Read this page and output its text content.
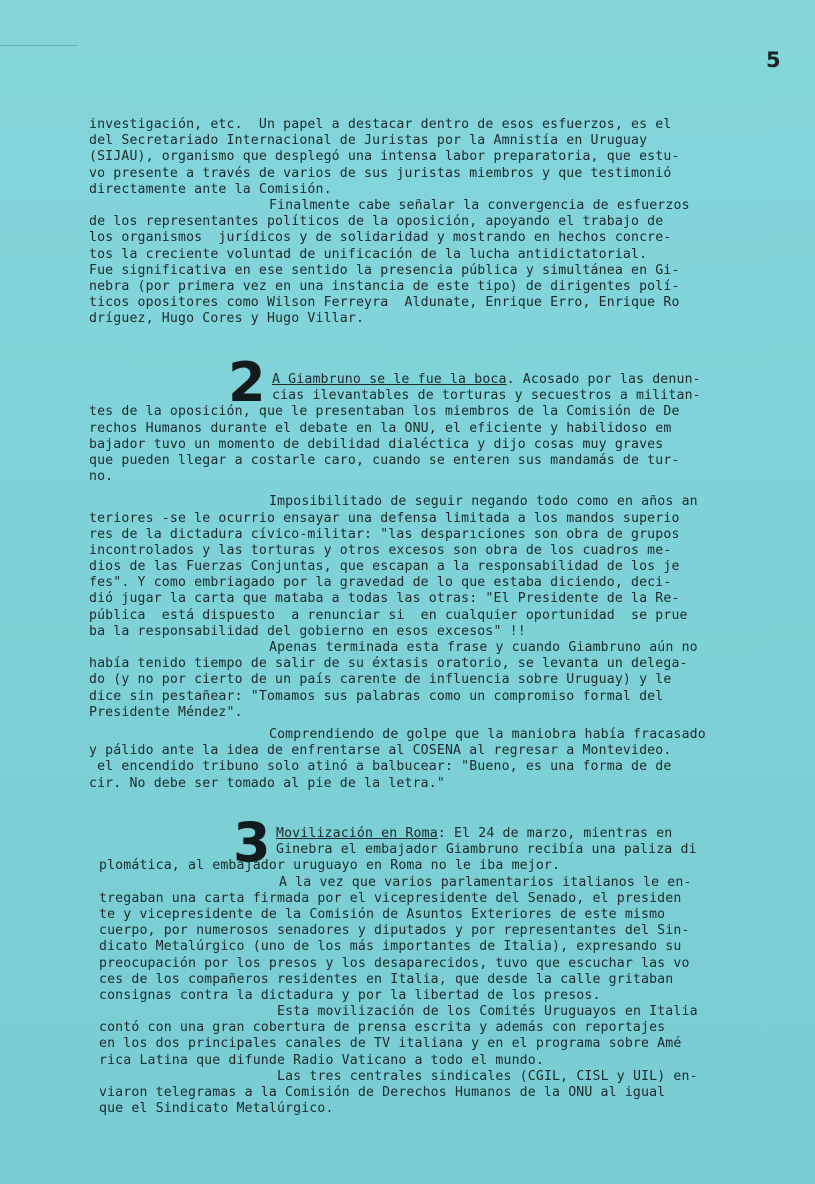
5
investigación, etc.  Un papel a destacar dentro de esos esfuerzos, es el
del Secretariado Internacional de Juristas por la Amnistía en Uruguay
(SIJAU), organismo que desplegó una intensa labor preparatoria, que estu-
vo presente a través de varios de sus juristas miembros y que testimonió
directamente ante la Comisión.
Finalmente cabe señalar la convergencia de esfuerzos
de los representantes políticos de la oposición, apoyando el trabajo de
los organismos  jurídicos y de solidaridad y mostrando en hechos concre-
tos la creciente voluntad de unificación de la lucha antidictatorial.
Fue significativa en ese sentido la presencia pública y simultánea en Gi-
nebra (por primera vez en una instancia de este tipo) de dirigentes polí-
ticos opositores como Wilson Ferreyra  Aldunate, Enrique Erro, Enrique Ro
dríguez, Hugo Cores y Hugo Villar.
2 A Giambruno se le fue la boca. Acosado por las denun-
cias ilevantables de torturas y secuestros a militan-
tes de la oposición, que le presentaban los miembros de la Comisión de De
rechos Humanos durante el debate en la ONU, el eficiente y habilidoso em
bajador tuvo un momento de debilidad dialéctica y dijo cosas muy graves
que pueden llegar a costarle caro, cuando se enteren sus mandamás de tur-
no.
Imposibilitado de seguir negando todo como en años an
teriores -se le ocurrio ensayar una defensa limitada a los mandos superio
res de la dictadura cívico-militar: "las desparıciones son obra de grupos
incontrolados y las torturas y otros excesos son obra de los cuadros me-
dios de las Fuerzas Conjuntas, que escapan a la responsabilidad de los je
fes". Y como embriagado por la gravedad de lo que estaba diciendo, deci-
dió jugar la carta que mataba a todas las otras: "El Presidente de la Re-
pública  está dispuesto  a renunciar si  en cualquier oportunidad  se prue
ba la responsabilidad del gobierno en esos excesos" !!
Apenas terminada esta frase y cuando Giambruno aún no
había tenido tiempo de salir de su éxtasis oratorio, se levanta un delega-
do (y no por cierto de un país carente de influencia sobre Uruguay) y le
dice sin pestañear: "Tomamos sus palabras como un compromiso formal del
Presidente Méndez".
Comprendiendo de golpe que la maniobra había fracasado
y pálido ante la idea de enfrentarse al COSENA al regresar a Montevideo.
el encendido tribuno solo atinó a balbucear: "Bueno, es una forma de de
cir. No debe ser tomado al pie de la letra."
3 Movilización en Roma: El 24 de marzo, mientras en
Ginebra el embajador Giambruno recibía una paliza di
plomática, al embajador uruguayo en Roma no le iba mejor.
A la vez que varios parlamentarios italianos le en-
tregaban una carta firmada por el vicepresidente del Senado, el presiden
te y vicepresidente de la Comisión de Asuntos Exteriores de este mismo
cuerpo, por numerosos senadores y diputados y por representantes del Sin-
dicato Metalúrgico (uno de los más importantes de Italia), expresando su
preocupación por los presos y los desaparecidos, tuvo que escuchar las vo
ces de los compañeros residentes en Italia, que desde la calle gritaban
consignas contra la dictadura y por la libertad de los presos.
Esta movilización de los Comités Uruguayos en Italia
contó con una gran cobertura de prensa escrita y además con reportajes
en los dos principales canales de TV italiana y en el programa sobre Amé
rica Latina que difunde Radio Vaticano a todo el mundo.
Las tres centrales sindicales (CGIL, CISL y UIL) en-
viaron telegramas a la Comisión de Derechos Humanos de la ONU al igual
que el Sindicato Metalúrgico.
